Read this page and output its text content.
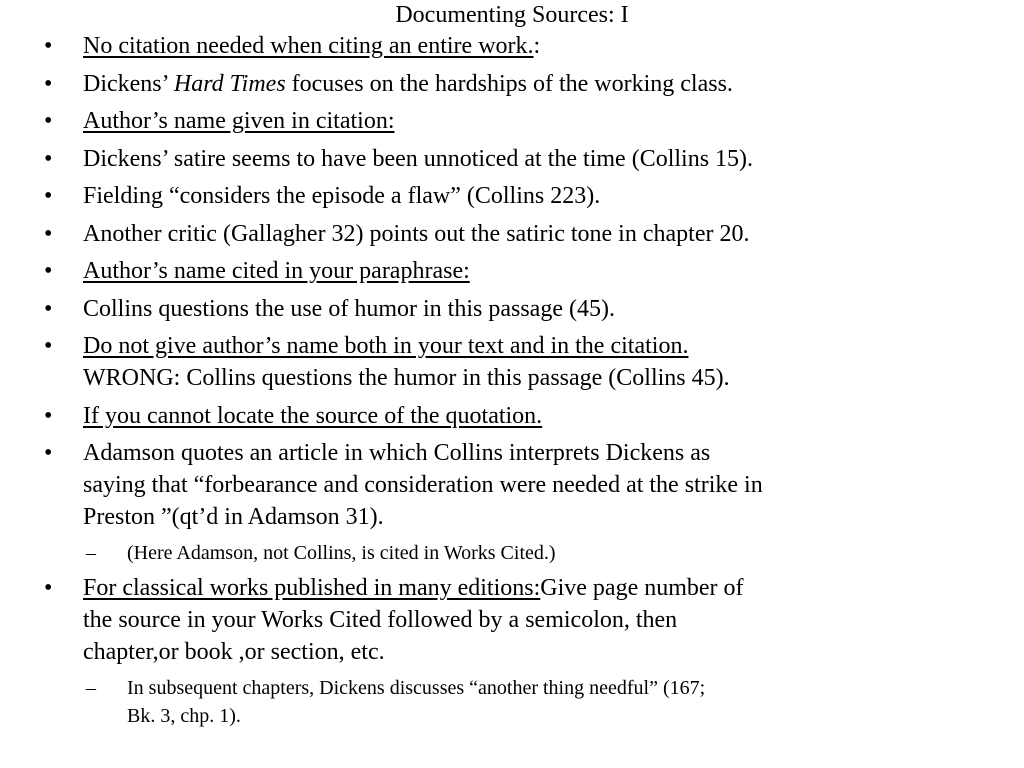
Documenting Sources: I
• No citation needed when citing an entire work.:
• Dickens’ Hard Times focuses on the hardships of the working class.
• Author’s name given in citation:
• Dickens’ satire seems to have been unnoticed at the time (Collins 15).
• Fielding “considers the episode a flaw” (Collins 223).
• Another critic (Gallagher 32) points out the satiric tone in chapter 20.
• Author’s name cited in your paraphrase:
• Collins questions the use of humor in this passage (45).
• Do not give author’s name both in your text and in the citation.
WRONG: Collins questions the humor in this passage (Collins 45).
• If you cannot locate the source of the quotation.
• Adamson quotes an article in which Collins interprets Dickens as
saying that “forbearance and consideration were needed at the strike in
Preston ”(qt’d in Adamson 31).
– (Here Adamson, not Collins, is cited in Works Cited.)
• For classical works published in many editions:Give page number of
the source in your Works Cited followed by a semicolon, then
chapter,or book ,or section, etc.
– In subsequent chapters, Dickens discusses “another thing needful” (167;
Bk. 3, chp. 1).
